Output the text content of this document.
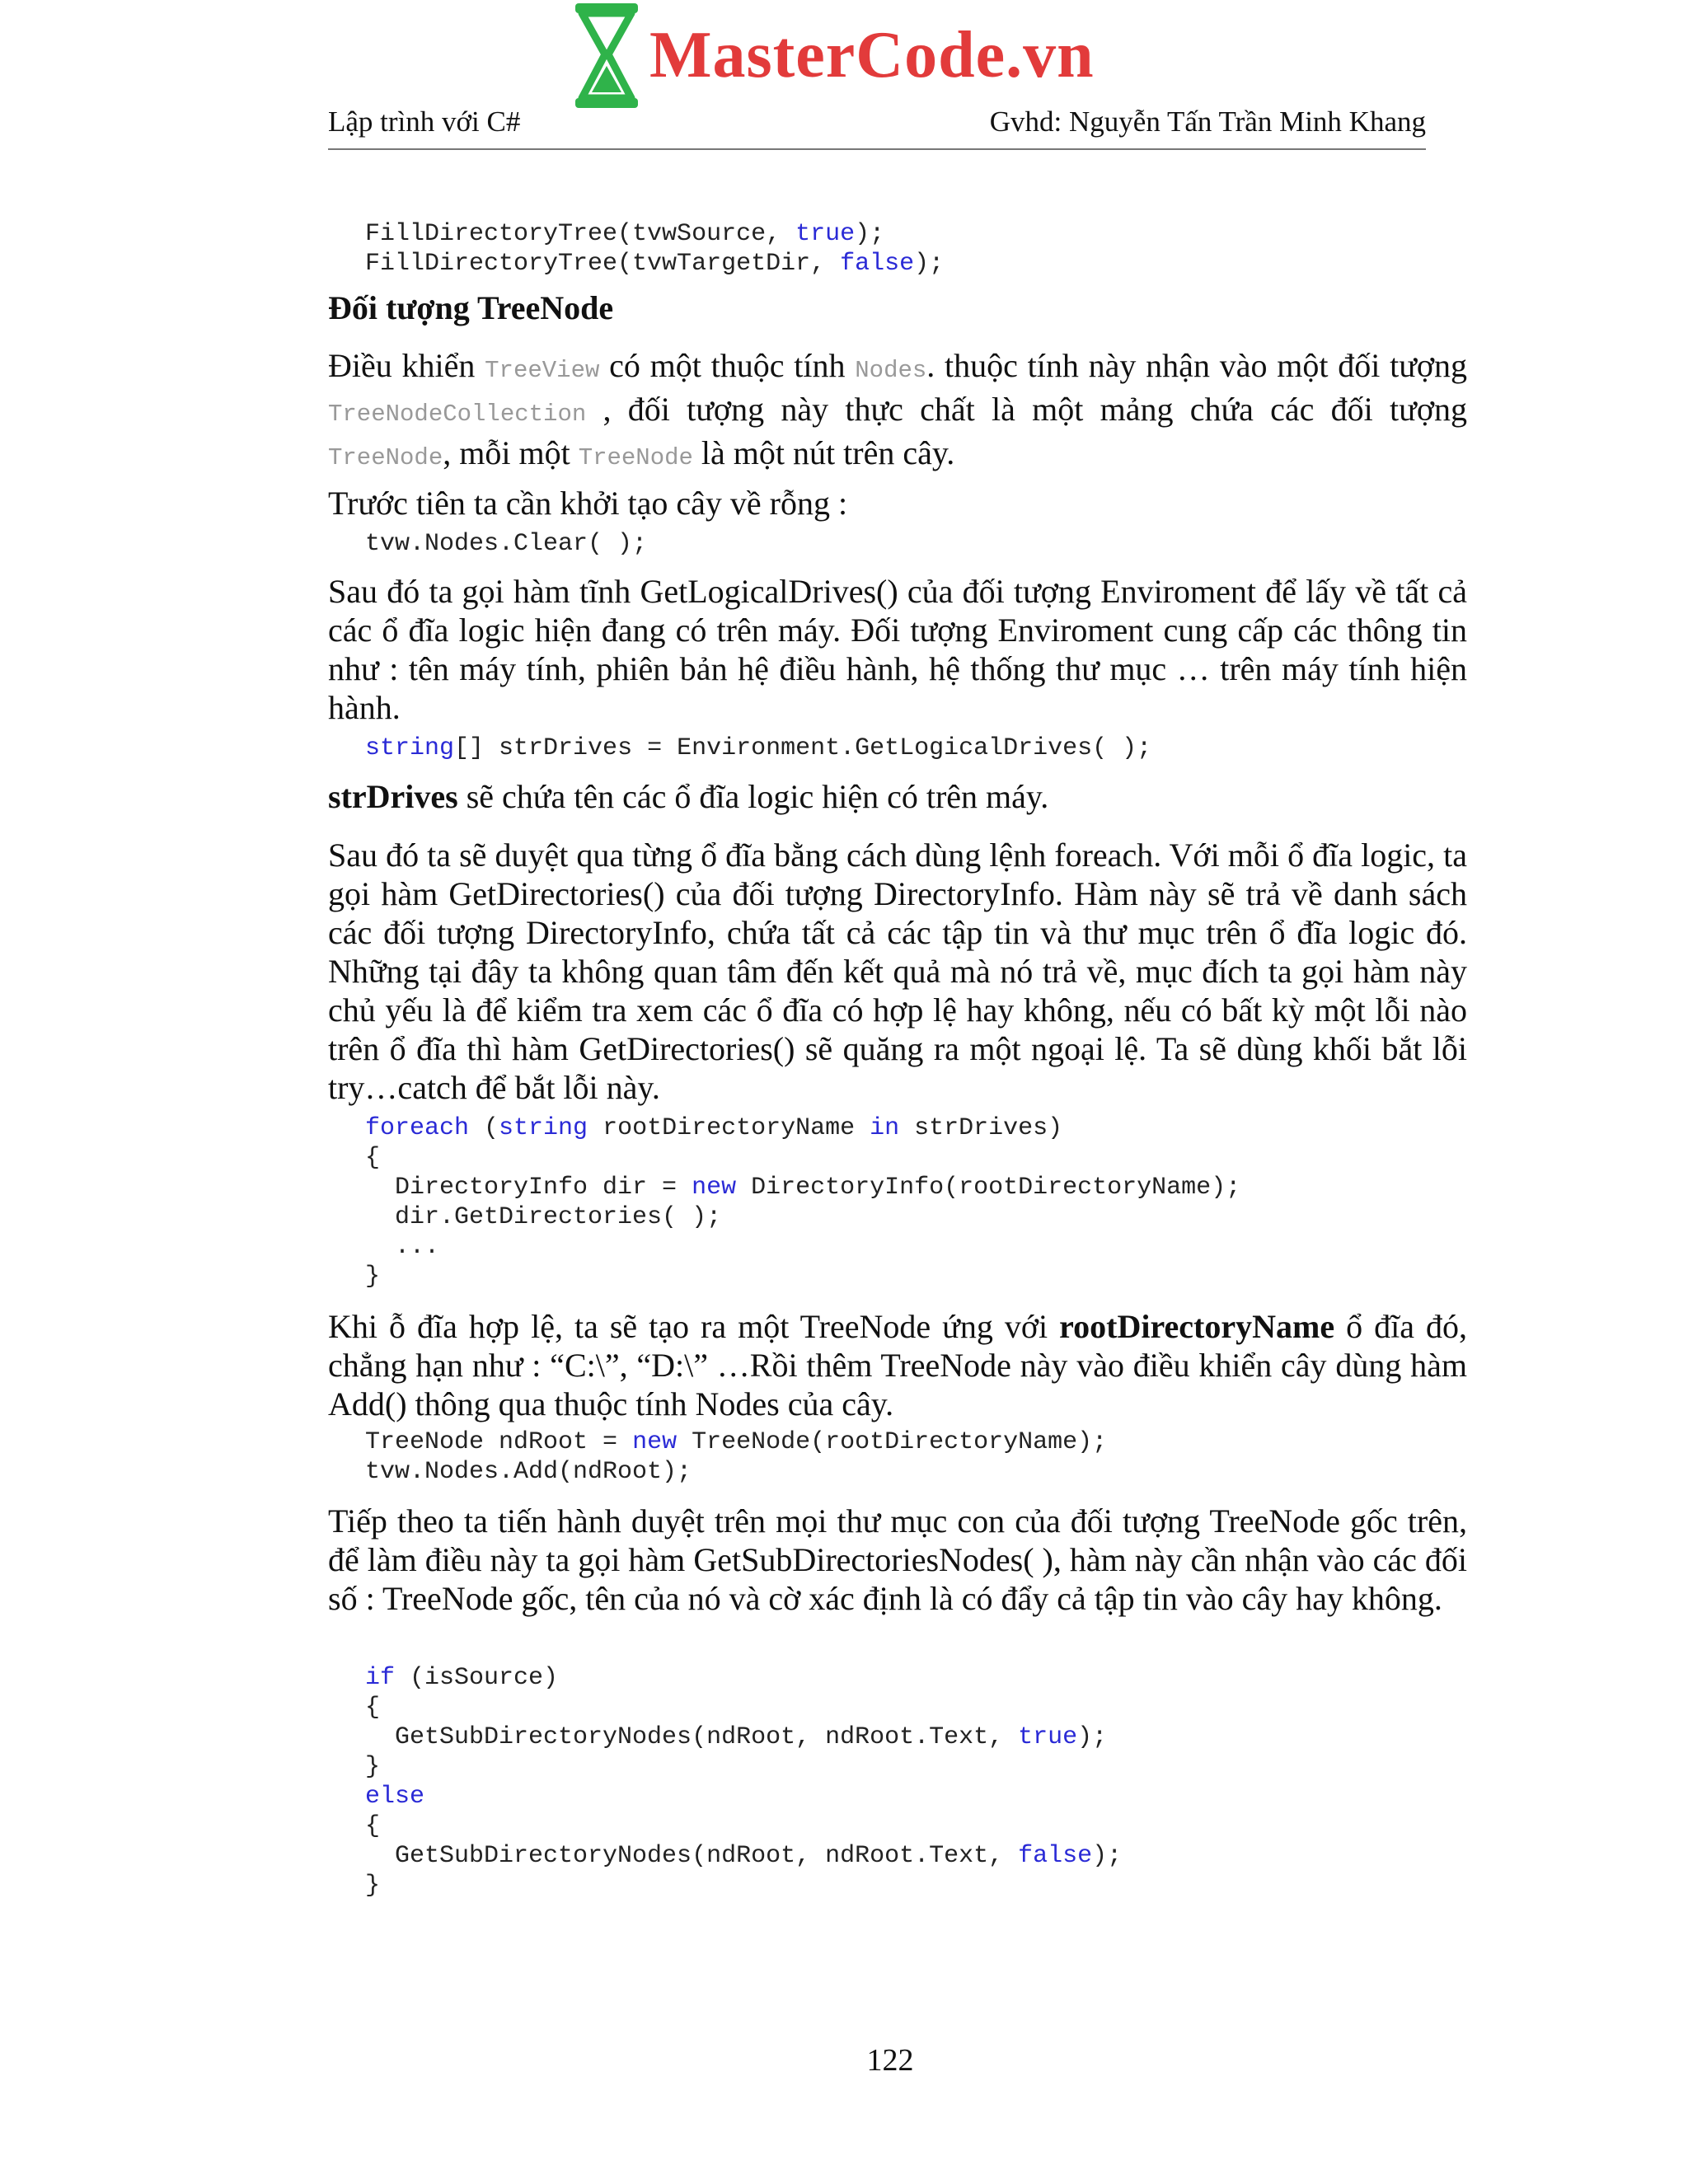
MasterCode.vn
Lập trình với C#	Gvhd: Nguyễn Tấn Trần Minh Khang
FillDirectoryTree(tvwSource, true);
FillDirectoryTree(tvwTargetDir, false);
Đối tượng TreeNode
Điều khiển TreeView có một thuộc tính Nodes. thuộc tính này nhận vào một đối tượng TreeNodeCollection , đối tượng này thực chất là một mảng chứa các đối tượng TreeNode, mỗi một TreeNode là một nút trên cây.
Trước tiên ta cần khởi tạo cây về rỗng :
tvw.Nodes.Clear( );
Sau đó ta gọi hàm tĩnh GetLogicalDrives() của đối tượng Enviroment để lấy về tất cả các ổ đĩa logic hiện đang có trên máy. Đối tượng Enviroment cung cấp các thông tin như : tên máy tính, phiên bản hệ điều hành, hệ thống thư mục … trên máy tính hiện hành.
string[] strDrives = Environment.GetLogicalDrives( );
strDrives sẽ chứa tên các ổ đĩa logic hiện có trên máy.
Sau đó ta sẽ duyệt qua từng ổ đĩa bằng cách dùng lệnh foreach. Với mỗi ổ đĩa logic, ta gọi hàm GetDirectories() của đối tượng DirectoryInfo. Hàm này sẽ trả về danh sách các đối tượng DirectoryInfo, chứa tất cả các tập tin và thư mục trên ổ đĩa logic đó. Những tại đây ta không quan tâm đến kết quả mà nó trả về, mục đích ta gọi hàm này chủ yếu là để kiểm tra xem các ổ đĩa có hợp lệ hay không, nếu có bất kỳ một lỗi nào trên ổ đĩa thì hàm GetDirectories() sẽ quăng ra một ngoại lệ. Ta sẽ dùng khối bắt lỗi try…catch để bắt lỗi này.
foreach (string rootDirectoryName in strDrives)
{
DirectoryInfo dir = new DirectoryInfo(rootDirectoryName);
dir.GetDirectories( );
...
}
Khi ỗ đĩa hợp lệ, ta sẽ tạo ra một TreeNode ứng với rootDirectoryName ổ đĩa đó, chẳng hạn như : “C:\”, “D:\” …Rồi thêm TreeNode này vào điều khiển cây dùng hàm Add() thông qua thuộc tính Nodes của cây.
TreeNode ndRoot = new TreeNode(rootDirectoryName);
tvw.Nodes.Add(ndRoot);
Tiếp theo ta tiến hành duyệt trên mọi thư mục con của đối tượng TreeNode gốc trên, để làm điều này ta gọi hàm GetSubDirectoriesNodes( ), hàm này cần nhận vào các đối số : TreeNode gốc, tên của nó và cờ xác định là có đẩy cả tập tin vào cây hay không.
if (isSource)
{
GetSubDirectoryNodes(ndRoot, ndRoot.Text, true);
}
else
{
GetSubDirectoryNodes(ndRoot, ndRoot.Text, false);
}
122
